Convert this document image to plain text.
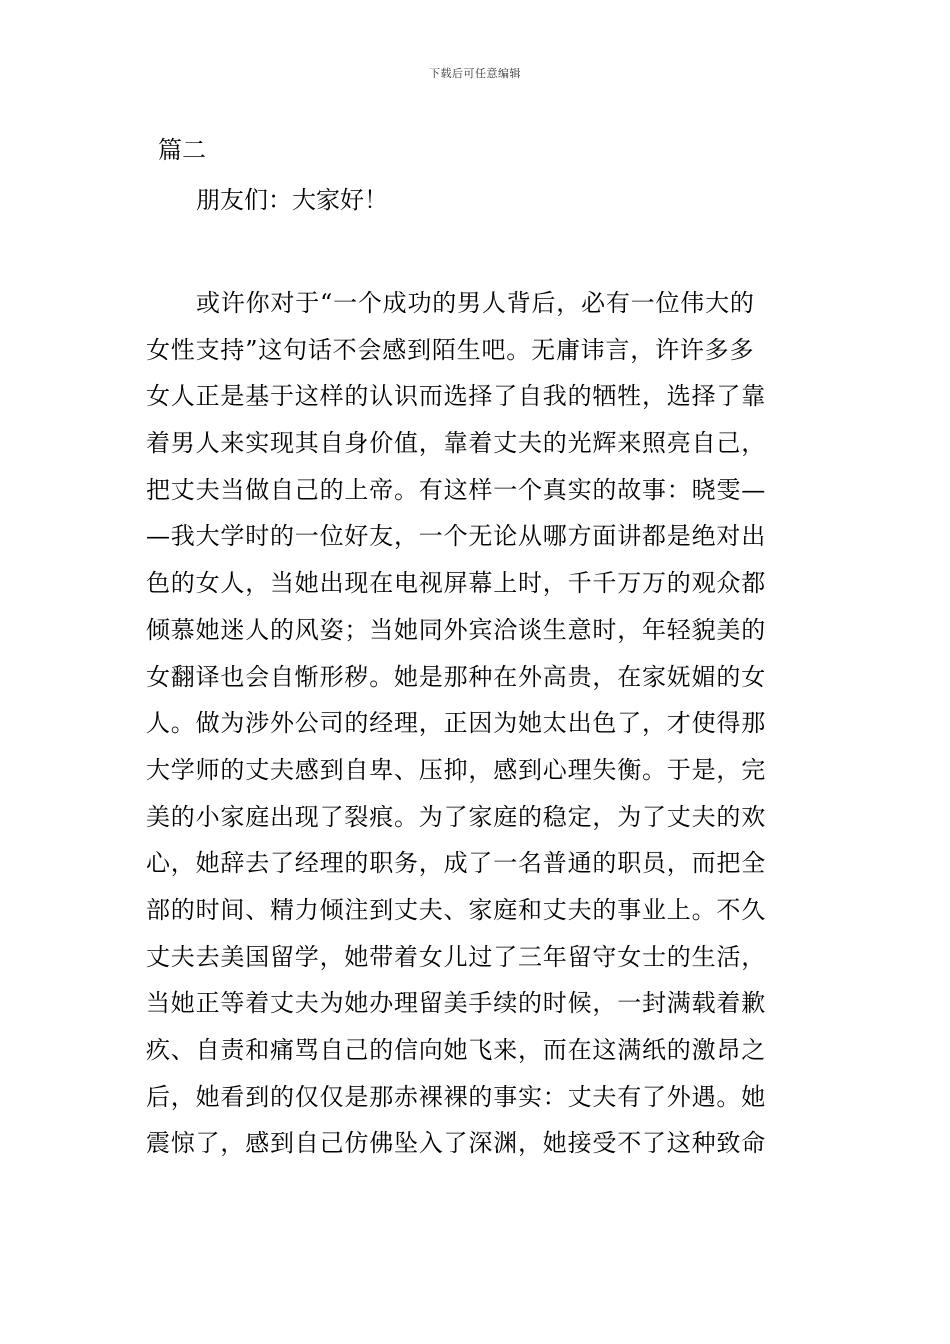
下载后可任意编辑
篇二
朋友们：大家好！
或许你对于“一个成功的男人背后，必有一位伟大的
女性支持”这句话不会感到陌生吧。无庸讳言，许许多多
女人正是基于这样的认识而选择了自我的牺牲，选择了靠
着男人来实现其自身价值，靠着丈夫的光辉来照亮自己，
把丈夫当做自己的上帝。有这样一个真实的故事：晓雯—
—我大学时的一位好友，一个无论从哪方面讲都是绝对出
色的女人，当她出现在电视屏幕上时，千千万万的观众都
倾慕她迷人的风姿；当她同外宾洽谈生意时，年轻貌美的
女翻译也会自惭形秽。她是那种在外高贵，在家妩媚的女
人。做为涉外公司的经理，正因为她太出色了，才使得那
大学师的丈夫感到自卑、压抑，感到心理失衡。于是，完
美的小家庭出现了裂痕。为了家庭的稳定，为了丈夫的欢
心，她辞去了经理的职务，成了一名普通的职员，而把全
部的时间、精力倾注到丈夫、家庭和丈夫的事业上。不久
丈夫去美国留学，她带着女儿过了三年留守女士的生活，
当她正等着丈夫为她办理留美手续的时候，一封满载着歉
疚、自责和痛骂自己的信向她飞来，而在这满纸的激昂之
后，她看到的仅仅是那赤裸裸的事实：丈夫有了外遇。她
震惊了，感到自己仿佛坠入了深渊，她接受不了这种致命
